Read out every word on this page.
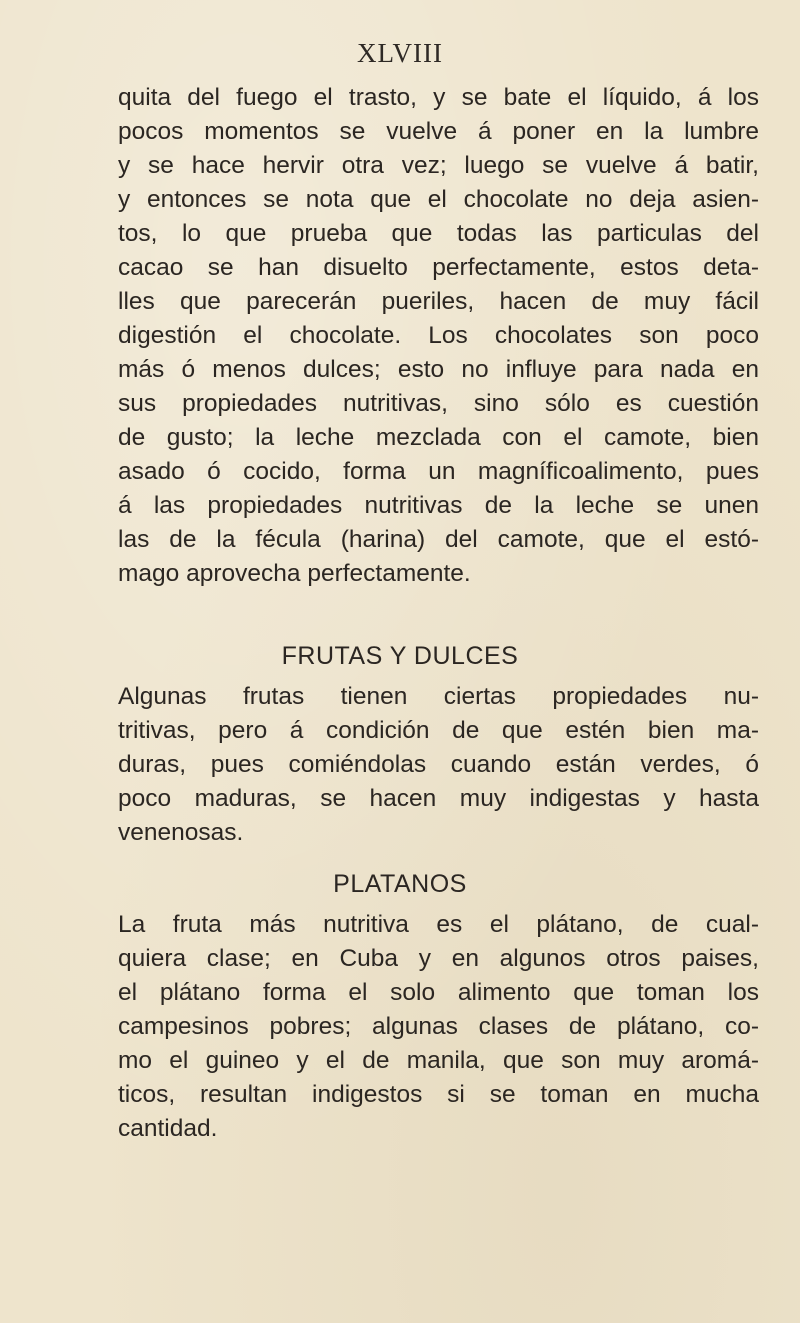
XLVIII
quita del fuego el trasto, y se bate el líquido, á los
pocos momentos se vuelve á poner en la lumbre
y se hace hervir otra vez; luego se vuelve á batir,
y entonces se nota que el chocolate no deja asien-
tos, lo que prueba que todas las particulas del
cacao se han disuelto perfectamente, estos deta-
lles que parecerán pueriles, hacen de muy fácil
digestión el chocolate. Los chocolates son poco
más ó menos dulces; esto no influye para nada en
sus propiedades nutritivas, sino sólo es cuestión
de gusto; la leche mezclada con el camote, bien
asado ó cocido, forma un magníficoalimento, pues
á las propiedades nutritivas de la leche se unen
las de la fécula (harina) del camote, que el estó-
mago aprovecha perfectamente.
FRUTAS Y DULCES
Algunas frutas tienen ciertas propiedades nu-
tritivas, pero á condición de que estén bien ma-
duras, pues comiéndolas cuando están verdes, ó
poco maduras, se hacen muy indigestas y hasta
venenosas.
PLATANOS
La fruta más nutritiva es el plátano, de cual-
quiera clase; en Cuba y en algunos otros paises,
el plátano forma el solo alimento que toman los
campesinos pobres; algunas clases de plátano, co-
mo el guineo y el de manila, que son muy aromá-
ticos, resultan indigestos si se toman en mucha
cantidad.
